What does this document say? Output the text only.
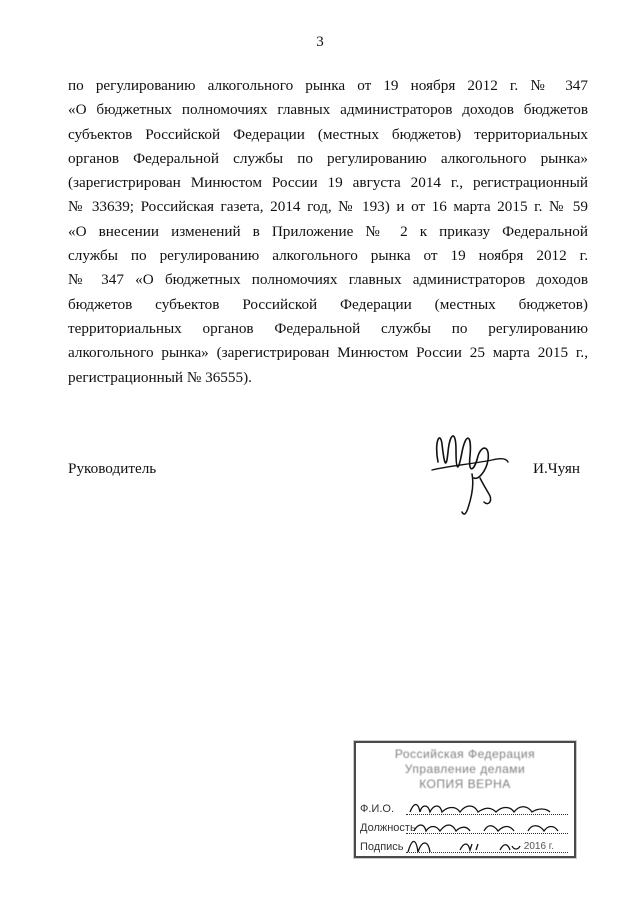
3
по регулированию алкогольного рынка от 19 ноября 2012 г. № 347
«О бюджетных полномочиях главных администраторов доходов бюджетов
субъектов Российской Федерации (местных бюджетов) территориальных
органов Федеральной службы по регулированию алкогольного рынка»
(зарегистрирован Минюстом России 19 августа 2014 г., регистрационный
№ 33639; Российская газета, 2014 год, № 193) и от 16 марта 2015 г. № 59
«О внесении изменений в Приложение № 2 к приказу Федеральной
службы по регулированию алкогольного рынка от 19 ноября 2012 г.
№ 347 «О бюджетных полномочиях главных администраторов доходов
бюджетов субъектов Российской Федерации (местных бюджетов)
территориальных органов Федеральной службы по регулированию
алкогольного рынка» (зарегистрирован Минюстом России 25 марта 2015 г.,
регистрационный № 36555).
Руководитель	И.Чуян
Российская Федерация
Управление делами
КОПИЯ ВЕРНА
Ф.И.О.
Должность
Подпись	2016 г.
